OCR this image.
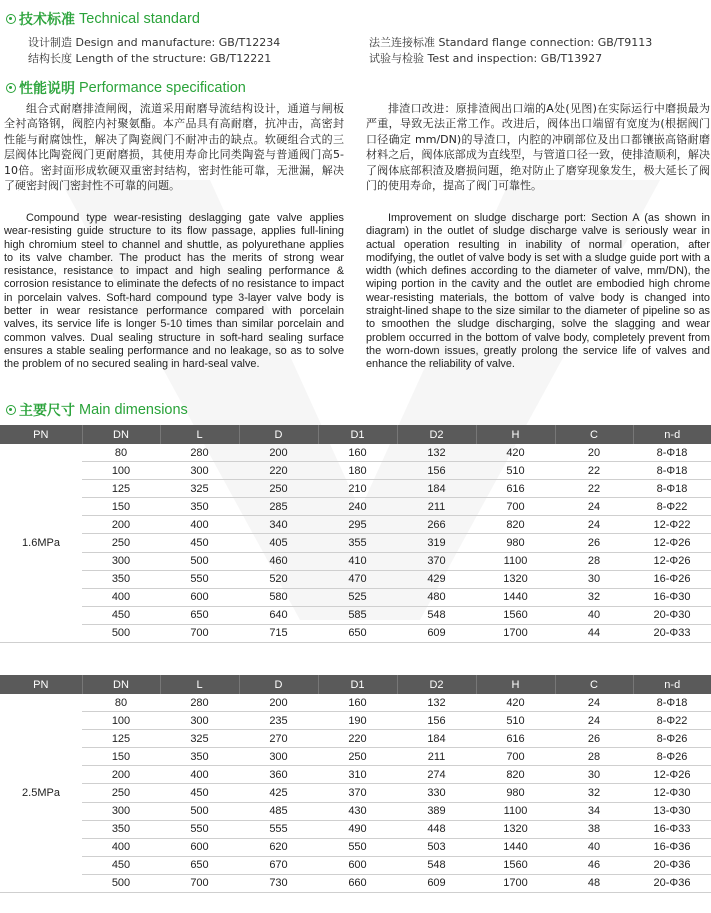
技术标准 Technical standard
设计制造 Design and manufacture: GB/T12234
结构长度 Length of the structure: GB/T12221
法兰连接标准 Standard flange connection: GB/T9113
试验与检验 Test and inspection: GB/T13927
性能说明 Performance specification

组合式耐磨排渣闸阀，流道采用耐磨导流结构设计，通道与闸板全衬高铬钢，阀腔内衬聚氨酯。本产品具有高耐磨，抗冲击，高密封性能与耐腐蚀性，解决了陶瓷阀门不耐冲击的缺点。软硬组合式的三层阀体比陶瓷阀门更耐磨损，其使用寿命比同类陶瓷与普通阀门高5-10倍。密封面形成软硬双重密封结构，密封性能可靠，无泄漏，解决了硬密封阀门密封性不可靠的问题。

Compound type wear-resisting deslagging gate valve applies wear-resisting guide structure to its flow passage, applies full-lining high chromium steel to channel and shuttle, as polyurethane applies to its valve chamber. The product has the merits of strong wear resistance, resistance to impact and high sealing performance & corrosion resistance to eliminate the defects of no resistance to impact in porcelain valves. Soft-hard compound type 3-layer valve body is better in wear resistance performance compared with porcelain valves, its service life is longer 5-10 times than similar porcelain and common valves. Dual sealing structure in soft-hard sealing surface ensures a stable sealing performance and no leakage, so as to solve the problem of no secured sealing in hard-seal valve.

排渣口改进：原排渣阀出口端的A处(见图)在实际运行中磨损最为严重，导致无法正常工作。改进后，阀体出口端留有宽度为(根据阀门口径确定 mm/DN)的导渣口，内腔的冲刷部位及出口都镶嵌高铬耐磨材料之后，阀体底部成为直线型，与管道口径一致，使排渣顺利，解决了阀体底部积渣及磨损问题，绝对防止了磨穿现象发生，极大延长了阀门的使用寿命，提高了阀门可靠性。

Improvement on sludge discharge port: Section A (as shown in diagram) in the outlet of sludge discharge valve is seriously wear in actual operation resulting in inability of normal operation, after modifying, the outlet of valve body is set with a sludge guide port with a width (which defines according to the diameter of valve, mm/DN), the wiping portion in the cavity and the outlet are embodied high chrome wear-resisting materials, the bottom of valve body is changed into straight-lined shape to the size similar to the diameter of pipeline so as to smoothen the sludge discharging, solve the slagging and wear problem occurred in the bottom of valve body, completely prevent from the worn-down issues, greatly prolong the service life of valves and enhance the reliability of valve.

主要尺寸 Main dimensions
PN	DN	L	D	D1	D2	H	C	n-d
1.6MPa	80	280	200	160	132	420	20	8-Φ18
	100	300	220	180	156	510	22	8-Φ18
	125	325	250	210	184	616	22	8-Φ18
	150	350	285	240	211	700	24	8-Φ22
	200	400	340	295	266	820	24	12-Φ22
	250	450	405	355	319	980	26	12-Φ26
	300	500	460	410	370	1100	28	12-Φ26
	350	550	520	470	429	1320	30	16-Φ26
	400	600	580	525	480	1440	32	16-Φ30
	450	650	640	585	548	1560	40	20-Φ30
	500	700	715	650	609	1700	44	20-Φ33
PN	DN	L	D	D1	D2	H	C	n-d
2.5MPa	80	280	200	160	132	420	24	8-Φ18
	100	300	235	190	156	510	24	8-Φ22
	125	325	270	220	184	616	26	8-Φ26
	150	350	300	250	211	700	28	8-Φ26
	200	400	360	310	274	820	30	12-Φ26
	250	450	425	370	330	980	32	12-Φ30
	300	500	485	430	389	1100	34	13-Φ30
	350	550	555	490	448	1320	38	16-Φ33
	400	600	620	550	503	1440	40	16-Φ36
	450	650	670	600	548	1560	46	20-Φ36
	500	700	730	660	609	1700	48	20-Φ36
